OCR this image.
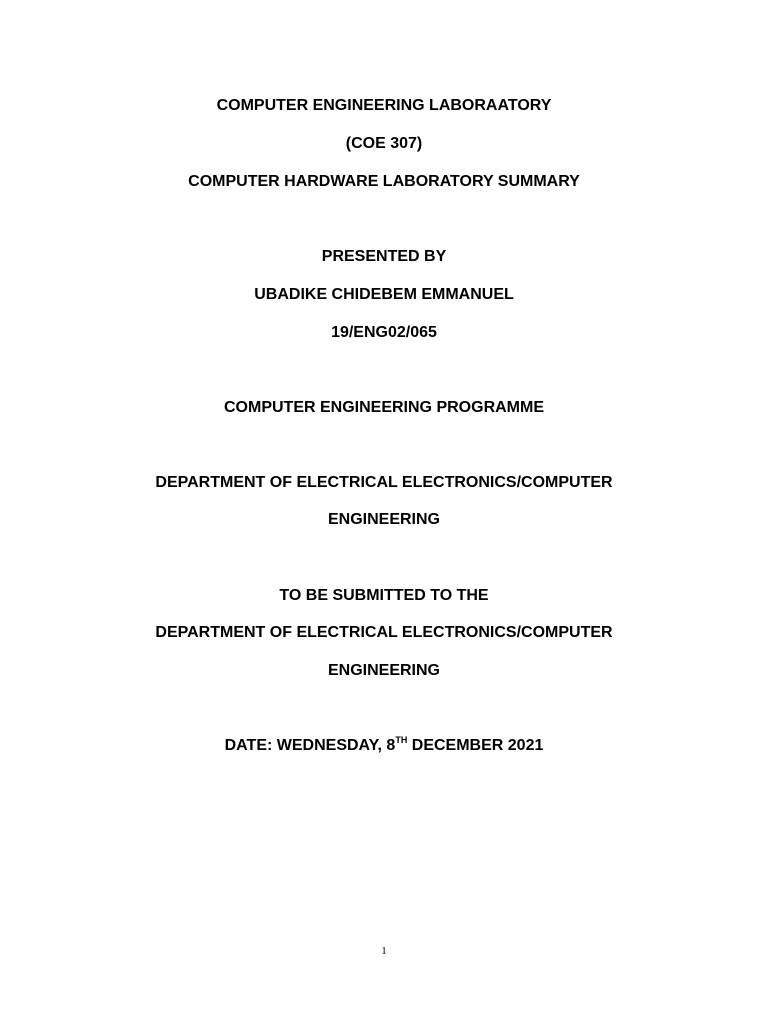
COMPUTER ENGINEERING LABORAATORY
(COE 307)
COMPUTER HARDWARE LABORATORY SUMMARY
PRESENTED BY
UBADIKE CHIDEBEM EMMANUEL
19/ENG02/065
COMPUTER ENGINEERING PROGRAMME
DEPARTMENT OF ELECTRICAL ELECTRONICS/COMPUTER
ENGINEERING
TO BE SUBMITTED TO THE
DEPARTMENT OF ELECTRICAL ELECTRONICS/COMPUTER
ENGINEERING
DATE: WEDNESDAY, 8TH DECEMBER 2021
1
